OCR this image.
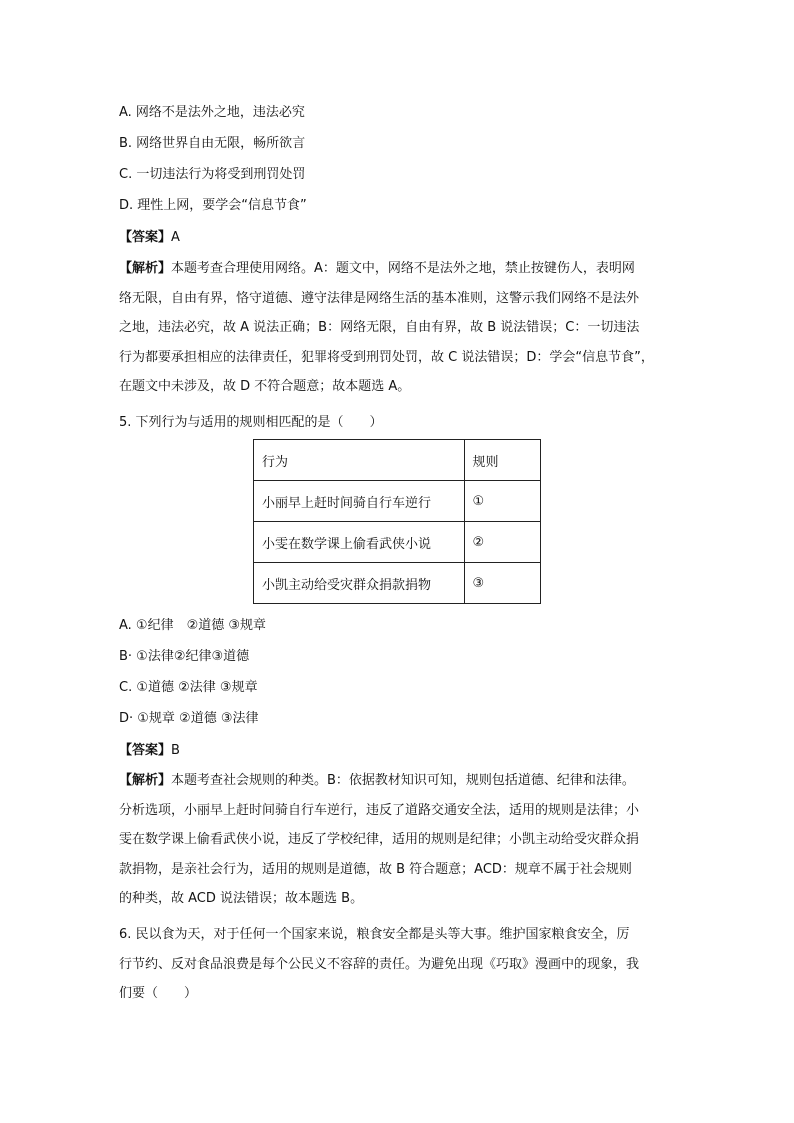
A. 网络不是法外之地，违法必究
B. 网络世界自由无限，畅所欲言
C. 一切违法行为将受到刑罚处罚
D. 理性上网，要学会“信息节食”
【答案】A
【解析】本题考查合理使用网络。A：题文中，网络不是法外之地，禁止按键伤人，表明网
络无限，自由有界，恪守道德、遵守法律是网络生活的基本准则，这警示我们网络不是法外
之地，违法必究，故 A 说法正确；B：网络无限，自由有界，故 B 说法错误；C：一切违法
行为都要承担相应的法律责任，犯罪将受到刑罚处罚，故 C 说法错误；D：学会“信息节食”，
在题文中未涉及，故 D 不符合题意；故本题选 A。
5. 下列行为与适用的规则相匹配的是（　　）
行为	规则
小丽早上赶时间骑自行车逆行	①
小雯在数学课上偷看武侠小说	②
小凯主动给受灾群众捐款捐物	③
A. ①纪律　②道德 ③规章
B· ①法律②纪律③道德
C. ①道德 ②法律 ③规章
D· ①规章 ②道德 ③法律
【答案】B
【解析】本题考查社会规则的种类。B：依据教材知识可知，规则包括道德、纪律和法律。
分析选项，小丽早上赶时间骑自行车逆行，违反了道路交通安全法，适用的规则是法律；小
雯在数学课上偷看武侠小说，违反了学校纪律，适用的规则是纪律；小凯主动给受灾群众捐
款捐物，是亲社会行为，适用的规则是道德，故 B 符合题意；ACD：规章不属于社会规则
的种类，故 ACD 说法错误；故本题选 B。
6. 民以食为天，对于任何一个国家来说，粮食安全都是头等大事。维护国家粮食安全，厉
行节约、反对食品浪费是每个公民义不容辞的责任。为避免出现《巧取》漫画中的现象，我
们要（　　）
